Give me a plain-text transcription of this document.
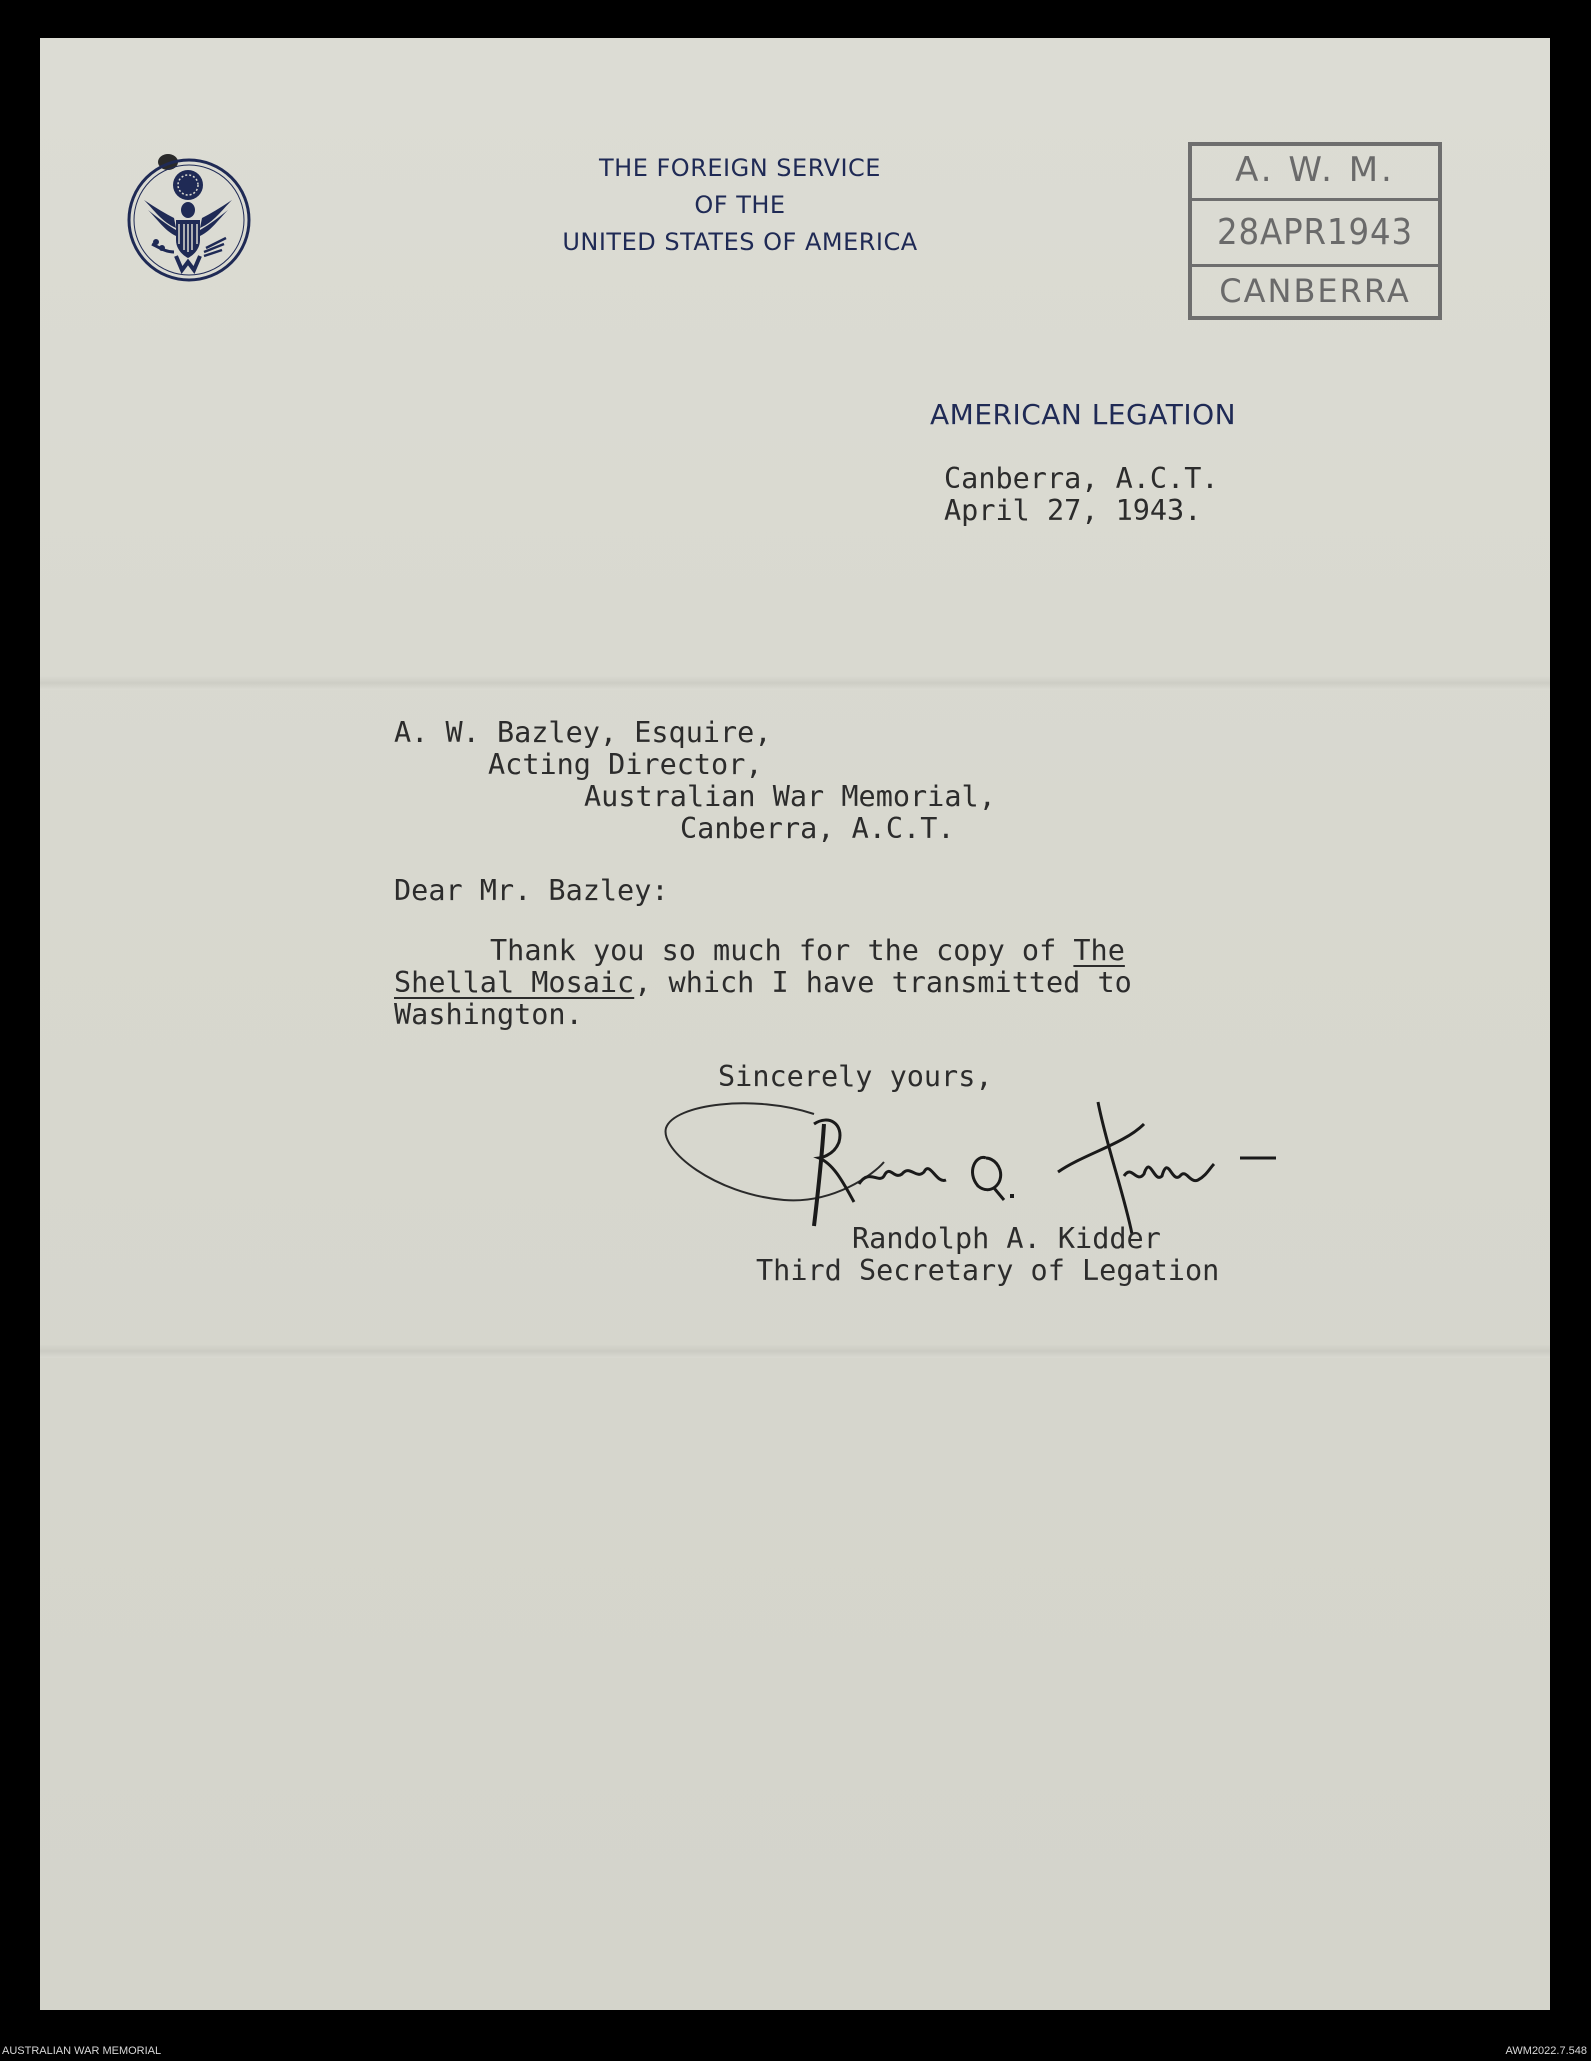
THE FOREIGN SERVICE
OF THE
UNITED STATES OF AMERICA
AMERICAN LEGATION
A. W. M.
28APR1943
CANBERRA
Canberra, A.C.T.
April 27, 1943.
A. W. Bazley, Esquire,
Acting Director,
Australian War Memorial,
Canberra, A.C.T.
Dear Mr. Bazley:
Thank you so much for the copy of The
Shellal Mosaic, which I have transmitted to
Washington.
Sincerely yours,
Randolph A. Kidder
Third Secretary of Legation
AUSTRALIAN WAR MEMORIAL	AWM2022.7.548
